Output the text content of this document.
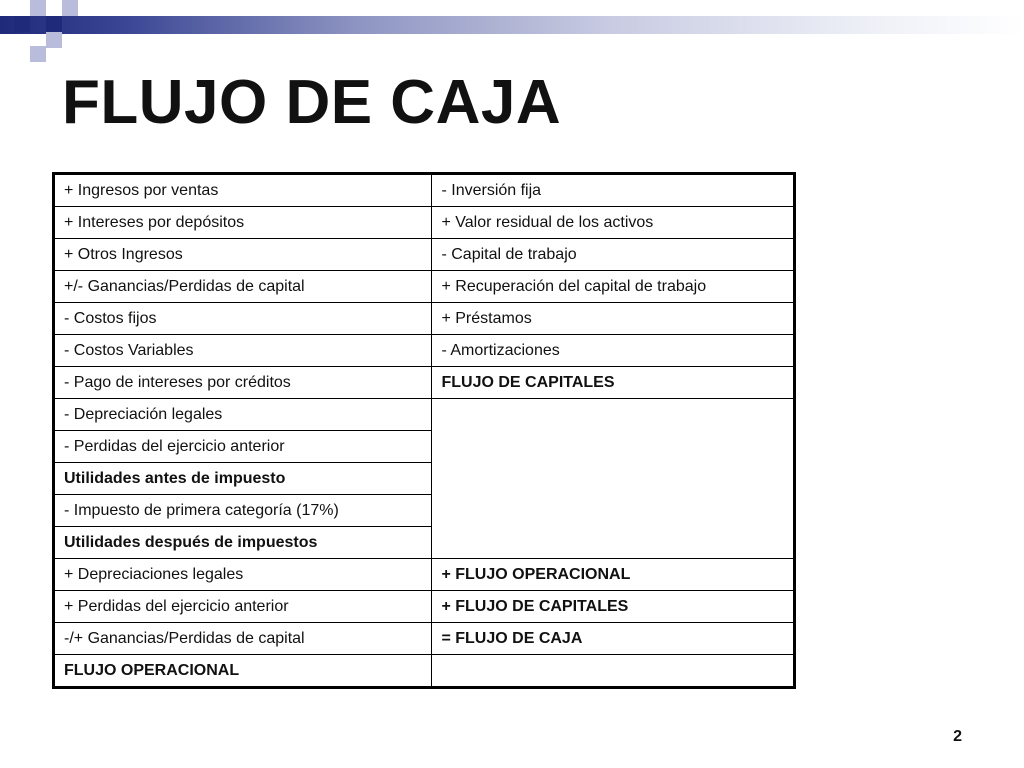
FLUJO DE CAJA
+ Ingresos por ventas	- Inversión fija
+ Intereses por depósitos	+ Valor residual de los activos
+ Otros Ingresos	- Capital de trabajo
+/- Ganancias/Perdidas de capital	+ Recuperación del capital de trabajo
- Costos fijos	+ Préstamos
- Costos Variables	- Amortizaciones
- Pago de intereses por créditos	FLUJO DE CAPITALES
- Depreciación legales	
- Perdidas del ejercicio anterior	
Utilidades antes de impuesto	
- Impuesto de primera categoría (17%)	
Utilidades después de impuestos	
+ Depreciaciones legales	+ FLUJO OPERACIONAL
+ Perdidas del ejercicio anterior	+ FLUJO DE CAPITALES
-/+ Ganancias/Perdidas de capital	= FLUJO DE CAJA
FLUJO OPERACIONAL	
2
